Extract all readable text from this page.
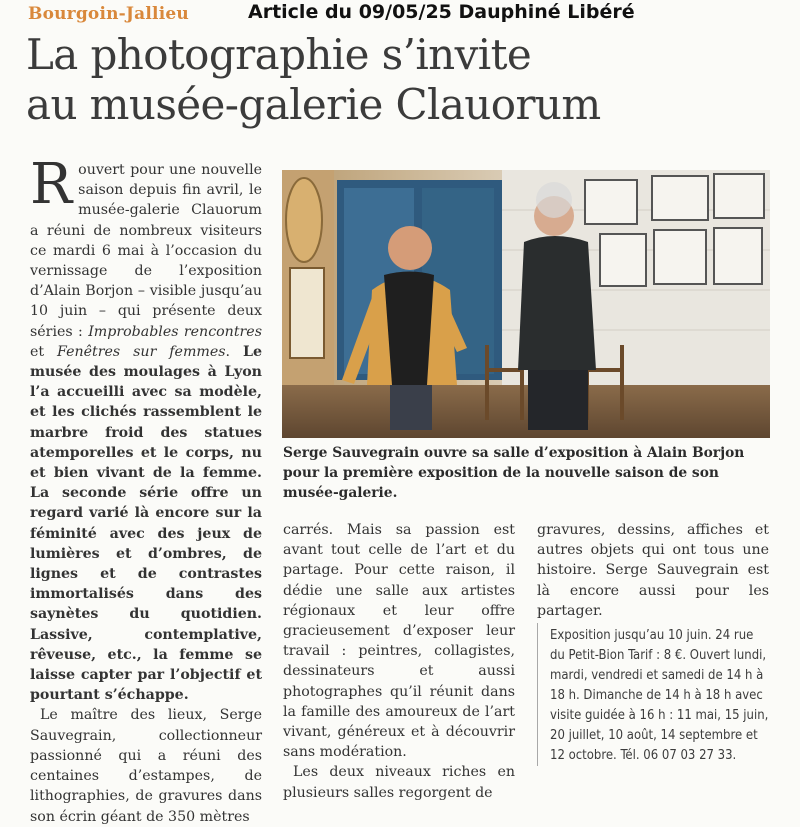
Bourgoin-Jallieu	Article du 09/05/25 Dauphiné Libéré
La photographie s’invite
au musée-galerie Clauorum

Rouvert pour une nouvelle saison depuis fin avril, le musée-galerie Clauorum a réuni de nombreux visiteurs ce mardi 6 mai à l’occasion du vernissage de l’exposition d’Alain Borjon – visible jusqu’au 10 juin – qui présente deux séries : Improbables rencontres et Fenêtres sur femmes. Le musée des moulages à Lyon l’a accueilli avec sa modèle, et les clichés rassemblent le marbre froid des statues atemporelles et le corps, nu et bien vivant de la femme. La seconde série offre un regard varié là encore sur la féminité avec des jeux de lumières et d’ombres, de lignes et de contrastes immortalisés dans des saynètes du quotidien. Lassive, contemplative, rêveuse, etc., la femme se laisse capter par l’objectif et pourtant s’échappe.

Le maître des lieux, Serge Sauvegrain, collectionneur passionné qui a réuni des centaines d’estampes, de lithographies, de gravures dans son écrin géant de 350 mètres

Serge Sauvegrain ouvre sa salle d’exposition à Alain Borjon pour la première exposition de la nouvelle saison de son musée-galerie.

carrés. Mais sa passion est avant tout celle de l’art et du partage. Pour cette raison, il dédie une salle aux artistes régionaux et leur offre gracieusement d’exposer leur travail : peintres, collagistes, dessinateurs et aussi photographes qu’il réunit dans la famille des amoureux de l’art vivant, généreux et à découvrir sans modération.

Les deux niveaux riches en plusieurs salles regorgent de

gravures, dessins, affiches et autres objets qui ont tous une histoire. Serge Sauvegrain est là encore aussi pour les partager.

Exposition jusqu’au 10 juin. 24 rue du Petit-Bion Tarif : 8 €. Ouvert lundi, mardi, vendredi et samedi de 14 h à 18 h. Dimanche de 14 h à 18 h avec visite guidée à 16 h : 11 mai, 15 juin, 20 juillet, 10 août, 14 septembre et 12 octobre. Tél. 06 07 03 27 33.
